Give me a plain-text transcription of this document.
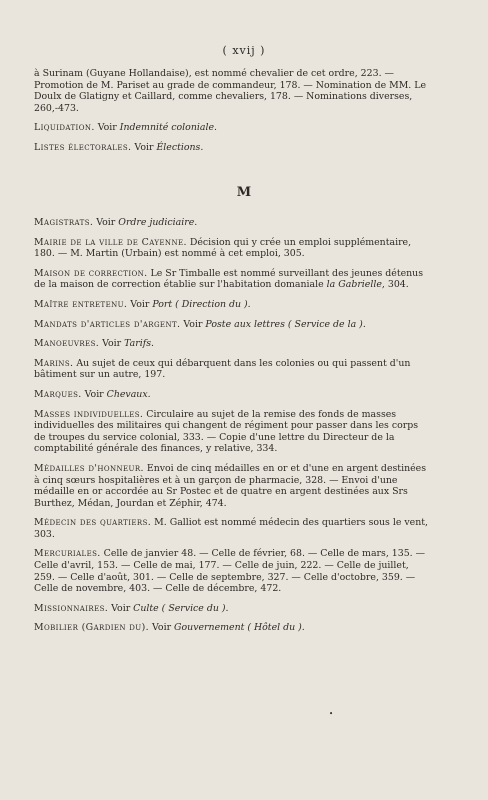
( xvij )
à Surinam (Guyane Hollandaise), est nommé chevalier de cet ordre, 223. — Promotion de M. Pariset au grade de commandeur, 178. — Nomination de MM. Le Doulx de Glatigny et Caillard, comme chevaliers, 178. — Nominations diverses, 260,-473.
Liquidation. Voir Indemnité coloniale.
Listes électorales. Voir Élections.
M
Magistrats. Voir Ordre judiciaire.
Mairie de la ville de Cayenne. Décision qui y crée un emploi supplémentaire, 180. — M. Martin (Urbain) est nommé à cet emploi, 305.
Maison de correction. Le Sr Timballe est nommé surveillant des jeunes détenus de la maison de correction établie sur l'habitation domaniale la Gabrielle, 304.
Maître entretenu. Voir Port ( Direction du ).
Mandats d'articles d'argent. Voir Poste aux lettres ( Service de la ).
Manoeuvres. Voir Tarifs.
Marins. Au sujet de ceux qui débarquent dans les colonies ou qui passent d'un bâtiment sur un autre, 197.
Marques. Voir Chevaux.
Masses individuelles. Circulaire au sujet de la remise des fonds de masses individuelles des militaires qui changent de régiment pour passer dans les corps de troupes du service colonial, 333. — Copie d'une lettre du Directeur de la comptabilité générale des finances, y relative, 334.
Médailles d'honneur. Envoi de cinq médailles en or et d'une en argent destinées à cinq sœurs hospitalières et à un garçon de pharmacie, 328. — Envoi d'une médaille en or accordée au Sr Postec et de quatre en argent destinées aux Srs Burthez, Médan, Jourdan et Zéphir, 474.
Médecin des quartiers. M. Galliot est nommé médecin des quartiers sous le vent, 303.
Mercuriales. Celle de janvier 48. — Celle de février, 68. — Celle de mars, 135. — Celle d'avril, 153. — Celle de mai, 177. — Celle de juin, 222. — Celle de juillet, 259. — Celle d'août, 301. — Celle de septembre, 327. — Celle d'octobre, 359. — Celle de novembre, 403. — Celle de décembre, 472.
Missionnaires. Voir Culte ( Service du ).
Mobilier (Gardien du). Voir Gouvernement ( Hôtel du ).
•
